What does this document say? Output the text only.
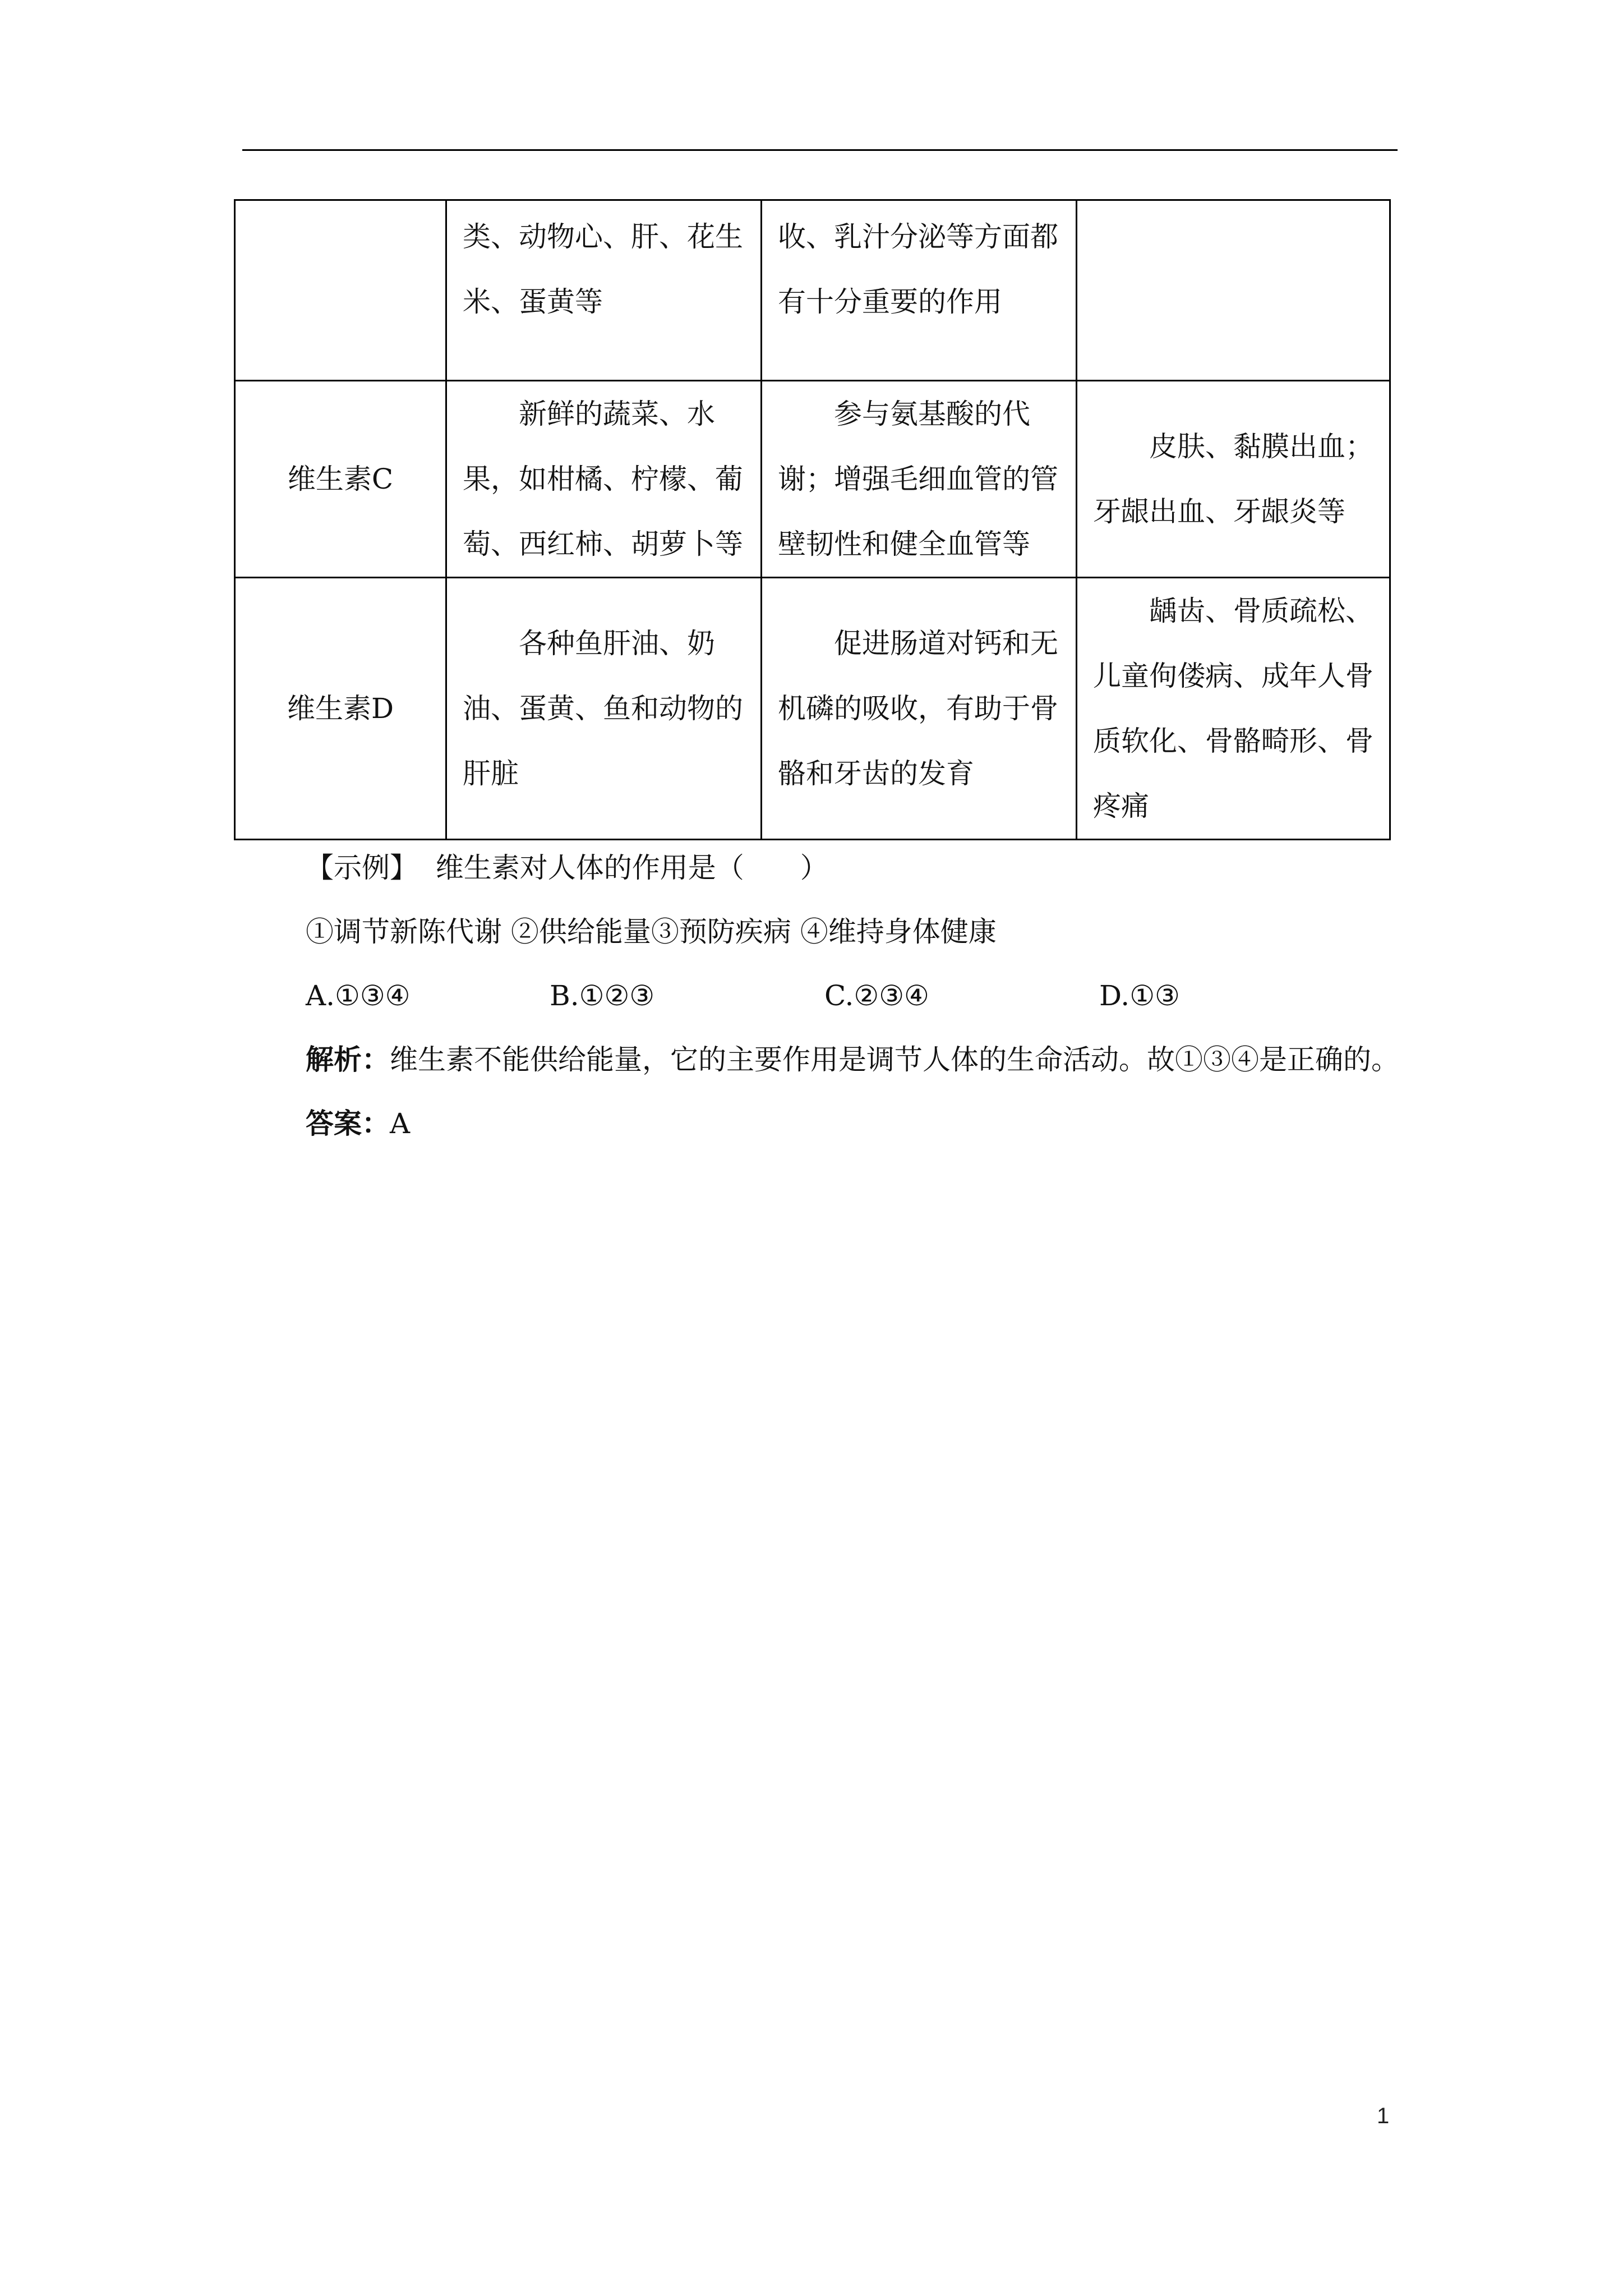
	类、动物心、肝、花生米、蛋黄等	收、乳汁分泌等方面都有十分重要的作用	
维生素C	新鲜的蔬菜、水果，如柑橘、柠檬、葡萄、西红柿、胡萝卜等	参与氨基酸的代谢；增强毛细血管的管壁韧性和健全血管等	皮肤、黏膜出血；牙龈出血、牙龈炎等
维生素D	各种鱼肝油、奶油、蛋黄、鱼和动物的肝脏	促进肠道对钙和无机磷的吸收，有助于骨骼和牙齿的发育	龋齿、骨质疏松、儿童佝偻病、成年人骨质软化、骨骼畸形、骨疼痛
【示例】  维生素对人体的作用是（　　）
①调节新陈代谢 ②供给能量③预防疾病 ④维持身体健康
A.①③④	B.①②③	C.②③④	D.①③
解析：维生素不能供给能量，它的主要作用是调节人体的生命活动。故①③④是正确的。
答案：A
1
